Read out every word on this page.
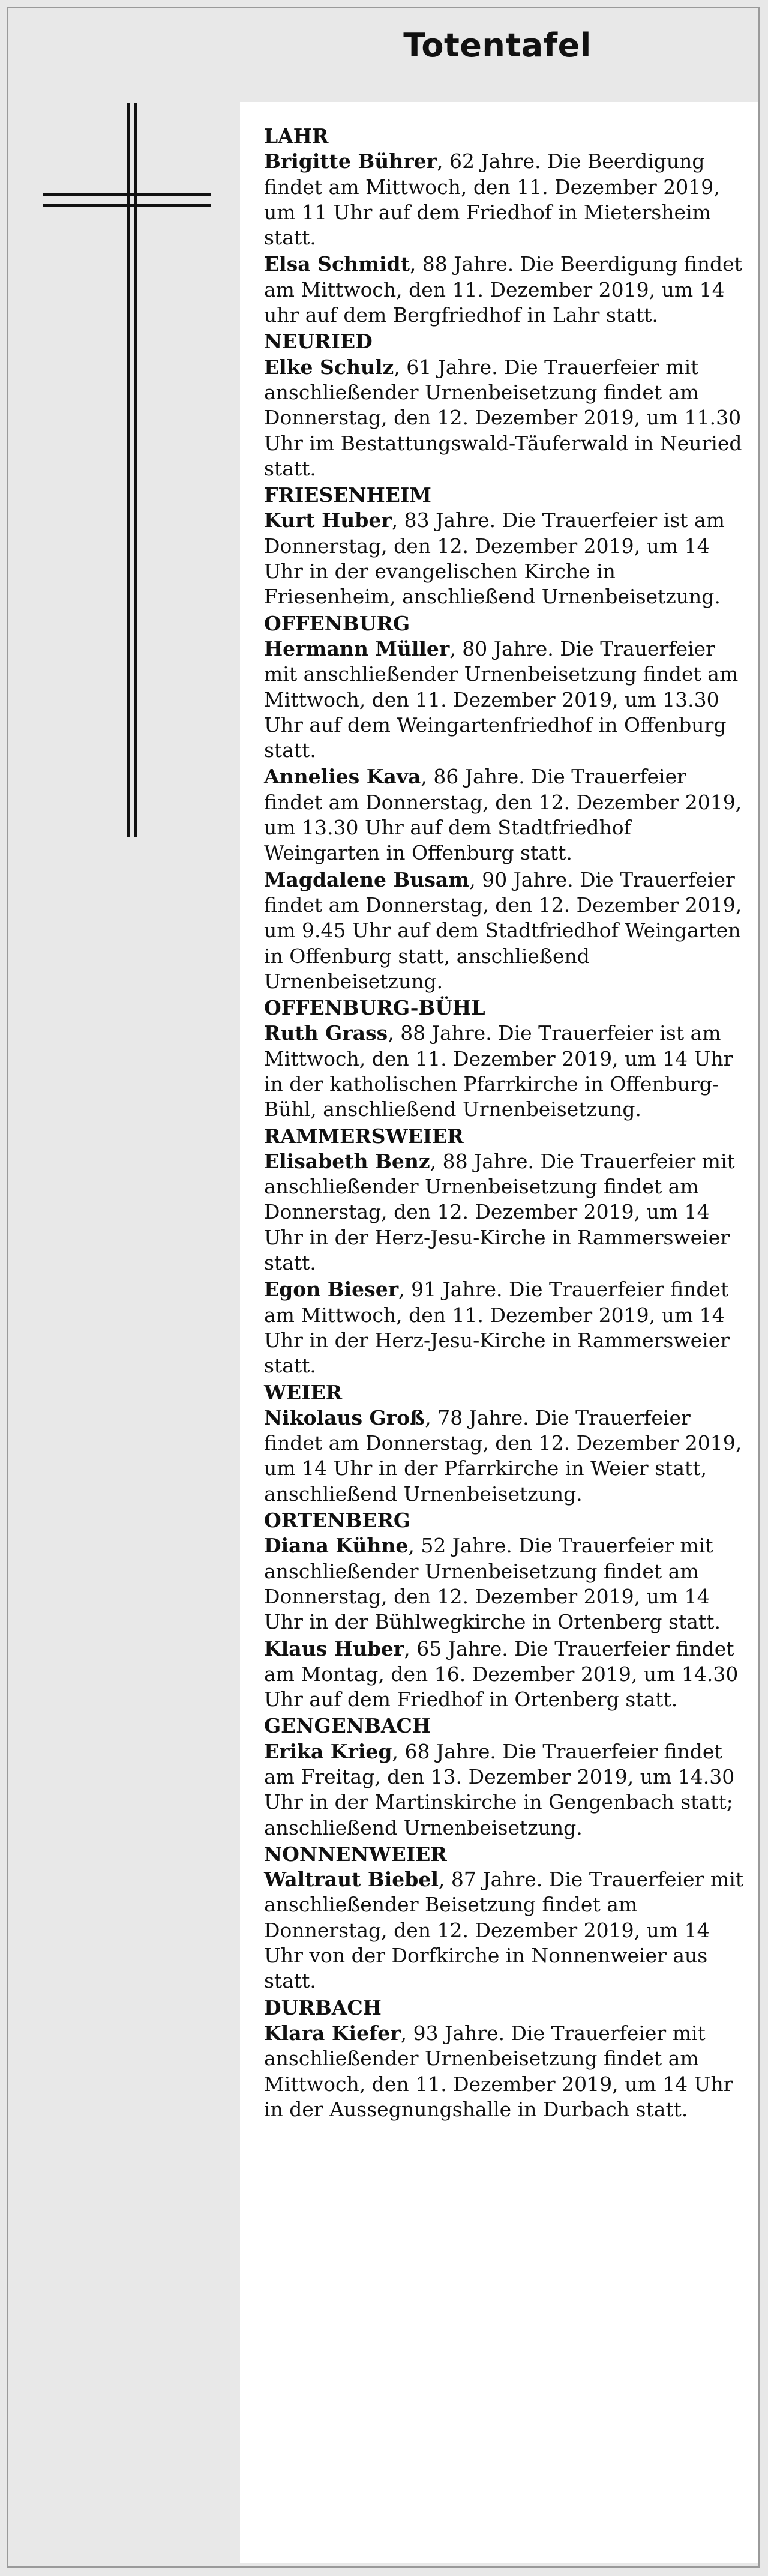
Totentafel
LAHR

Brigitte Bührer, 62 Jahre. Die Beerdigung findet am Mittwoch, den 11. Dezember 2019, um 11 Uhr auf dem Friedhof in Mietersheim statt.

Elsa Schmidt, 88 Jahre. Die Beerdigung findet am Mittwoch, den 11. Dezember 2019, um 14 uhr auf dem Bergfriedhof in Lahr statt.

NEURIED

Elke Schulz, 61 Jahre. Die Trauerfeier mit anschließender Urnenbeisetzung findet am Donnerstag, den 12. Dezember 2019, um 11.30 Uhr im Bestattungswald-Täuferwald in Neuried statt.

FRIESENHEIM

Kurt Huber, 83 Jahre. Die Trauerfeier ist am Donnerstag, den 12. Dezember 2019, um 14 Uhr in der evangelischen Kirche in Friesenheim, anschließend Urnenbeisetzung.

OFFENBURG

Hermann Müller, 80 Jahre. Die Trauerfeier mit anschließender Urnenbeisetzung findet am Mittwoch, den 11. Dezember 2019, um 13.30 Uhr auf dem Weingartenfriedhof in Offenburg statt.

Annelies Kava, 86 Jahre. Die Trauerfeier findet am Donnerstag, den 12. Dezember 2019, um 13.30 Uhr auf dem Stadtfriedhof Weingarten in Offenburg statt.

Magdalene Busam, 90 Jahre. Die Trauerfeier findet am Donnerstag, den 12. Dezember 2019, um 9.45 Uhr auf dem Stadtfriedhof Weingarten in Offenburg statt, anschließend Urnenbeisetzung.

OFFENBURG-BÜHL

Ruth Grass, 88 Jahre. Die Trauerfeier ist am Mittwoch, den 11. Dezember 2019, um 14 Uhr in der katholischen Pfarrkirche in Offenburg-Bühl, anschließend Urnenbeisetzung.

RAMMERSWEIER

Elisabeth Benz, 88 Jahre. Die Trauerfeier mit anschließender Urnenbeisetzung findet am Donnerstag, den 12. Dezember 2019, um 14 Uhr in der Herz-Jesu-Kirche in Rammersweier statt.

Egon Bieser, 91 Jahre. Die Trauerfeier findet am Mittwoch, den 11. Dezember 2019, um 14 Uhr in der Herz-Jesu-Kirche in Rammersweier statt.

WEIER

Nikolaus Groß, 78 Jahre. Die Trauerfeier findet am Donnerstag, den 12. Dezember 2019, um 14 Uhr in der Pfarrkirche in Weier statt, anschließend Urnenbeisetzung.

ORTENBERG

Diana Kühne, 52 Jahre. Die Trauerfeier mit anschließender Urnenbeisetzung findet am Donnerstag, den 12. Dezember 2019, um 14 Uhr in der Bühlwegkirche in Ortenberg statt.

Klaus Huber, 65 Jahre. Die Trauerfeier findet am Montag, den 16. Dezember 2019, um 14.30 Uhr auf dem Friedhof in Ortenberg statt.

GENGENBACH

Erika Krieg, 68 Jahre. Die Trauerfeier findet am Freitag, den 13. Dezember 2019, um 14.30 Uhr in der Martinskirche in Gengenbach statt; anschließend Urnenbeisetzung.

NONNENWEIER

Waltraut Biebel, 87 Jahre. Die Trauerfeier mit anschließender Beisetzung findet am Donnerstag, den 12. Dezember 2019, um 14 Uhr von der Dorfkirche in Nonnenweier aus statt.

DURBACH

Klara Kiefer, 93 Jahre. Die Trauerfeier mit anschließender Urnenbeisetzung findet am Mittwoch, den 11. Dezember 2019, um 14 Uhr in der Aussegnungshalle in Durbach statt.
